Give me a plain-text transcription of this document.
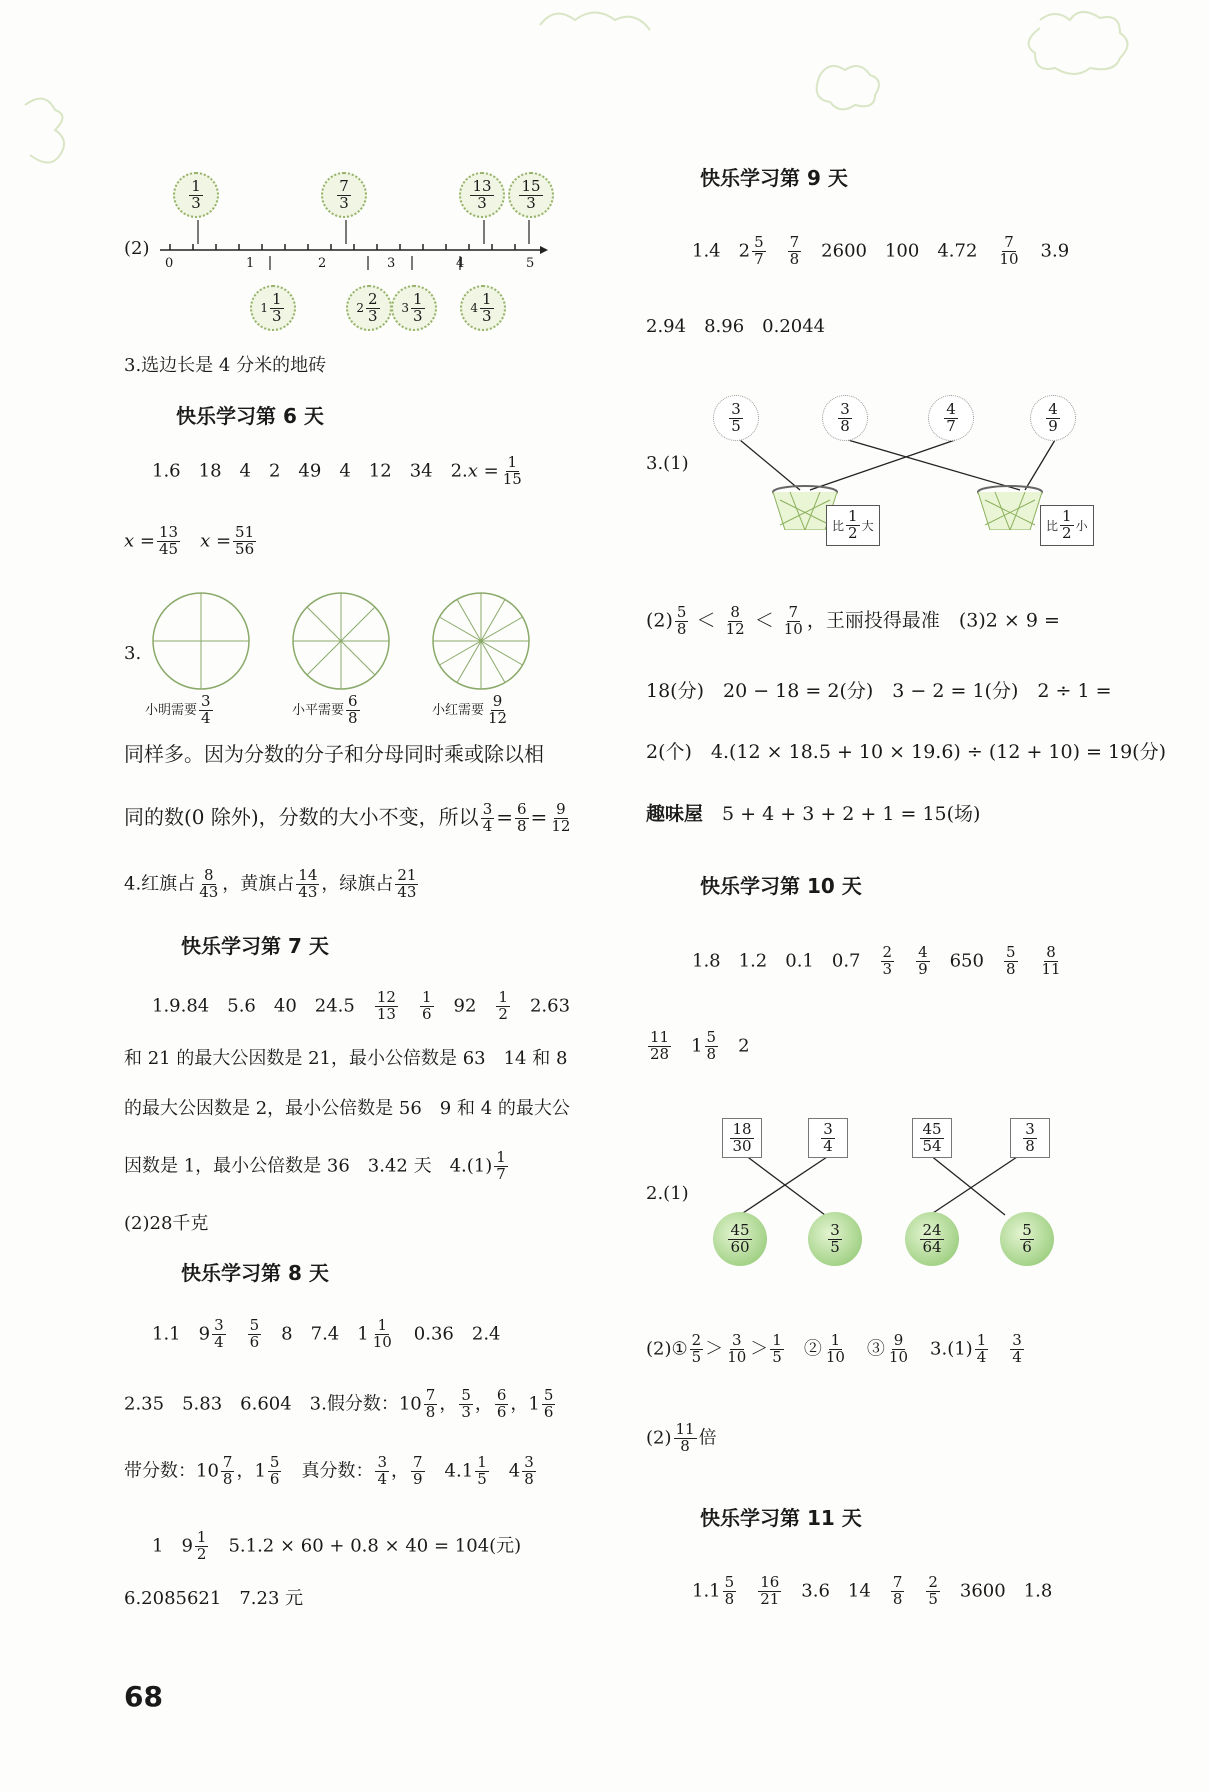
(2)
0	1	2	3	4	5
$\frac{1}{3}$	$\frac{7}{3}$	$\frac{13}{3} \frac{15}{3}$
$1 \frac{1}{3}$	$2 \frac{2}{3} 3 \frac{1}{3}$	$4 \frac{1}{3}$
3.选边长是 4 分米的地砖
快乐学习第 6 天
1.6　18　4　2　49　4　12　34　 $2.x = \frac{1}{15}$
$x = \frac{13}{45}$
　 $x = \frac{51}{56}$
3.
小明需要 $\frac{3}{4}$	小平需要 $\frac{6}{8}$	小红需要 $\frac{9}{12}$
同样多。因为分数的分子和分母同时乘或除以相
同的数(0 除外)，分数的大小不变，所以 $\frac{3}{4} = \frac{6}{8} = \frac{9}{12}$
4.红旗占 $\frac{8}{43}$ ，黄旗占 $\frac{14}{43}$ ，绿旗占 $\frac{21}{43}$
快乐学习第 7 天
1.9.84　5.6　40　24.5　 $\frac{12}{13}$
　 $\frac{1}{6}$
　 92　 $\frac{1}{2}$
　 2.63
和 21 的最大公因数是 21，最小公倍数是 63　14 和 8
的最大公因数是 2，最小公倍数是 56　9 和 4 的最大公
因数是 1，最小公倍数是 36　3.42 天　$4.(1) \frac{1}{7}$
(2)28千克
快乐学习第 8 天
1.1　$9 \frac{3}{4}$
　 $\frac{5}{6}$
　 8　7.4　$1 \frac{1}{10}$
　 0.36　2.4
2.35　5.83　6.604　3.假分数：$10 \frac{7}{8}$ ， $\frac{5}{3}$ ， $\frac{6}{6}$ ，$1 \frac{5}{6}$
带分数：$10 \frac{7}{8}$ ，$1 \frac{5}{6}$ 　真分数： $\frac{3}{4}$ ， $\frac{7}{9}$
　 $4.1 \frac{1}{5}$ 　$4 \frac{3}{8}$
1　$9 \frac{1}{2}$
　 5.1.2 × 60 + 0.8 × 40 = 104(元)
6.2085621　7.23 元
快乐学习第 9 天
1.4　$2 \frac{5}{7}$
　 $\frac{7}{8}$
　 2600　100　4.72　 $\frac{7}{10}$
　 3.9
2.94　8.96　0.2044
3.(1)
$\frac{3}{5}$	$\frac{3}{8}$	$\frac{4}{7}$	$\frac{4}{9}$
比 $\frac{1}{2}$ 大	比 $\frac{1}{2}$ 小
$(2) \frac{5}{8} < \frac{8}{12} < \frac{7}{10}$ ，王丽投得最准　(3)2 × 9 =
18(分)　20 − 18 = 2(分)　3 − 2 = 1(分)　2 ÷ 1 =
2(个)　4.(12 × 18.5 + 10 × 19.6) ÷ (12 + 10) = 19(分)
趣味屋　 5 + 4 + 3 + 2 + 1 = 15(场)
快乐学习第 10 天
1.8　1.2　0.1　0.7　 $\frac{2}{3}$
　 $\frac{4}{9}$
　 650　 $\frac{5}{8}$
　 $\frac{8}{11}$
$\frac{11}{28}$ 　$1 \frac{5}{8}$
　 2
2.(1)
$\frac{18}{30}$	$\frac{3}{4}$	$\frac{45}{54}$	$\frac{3}{8}$
$\frac{45}{60}$	$\frac{3}{5}$	$\frac{24}{64}$	$\frac{5}{6}$
(2)① $\frac{2}{5} > \frac{3}{10} > \frac{1}{5}$
　 ② $\frac{1}{10}$
　 ③ $\frac{9}{10}$
　 $3.(1) \frac{1}{4}$
　 $\frac{3}{4}$
$(2) \frac{11}{8}$ 倍
快乐学习第 11 天
$1.1 \frac{5}{8}$
　 $\frac{16}{21}$
　 3.6　14　 $\frac{7}{8}$
　 $\frac{2}{5}$
　 3600　1.8
68
